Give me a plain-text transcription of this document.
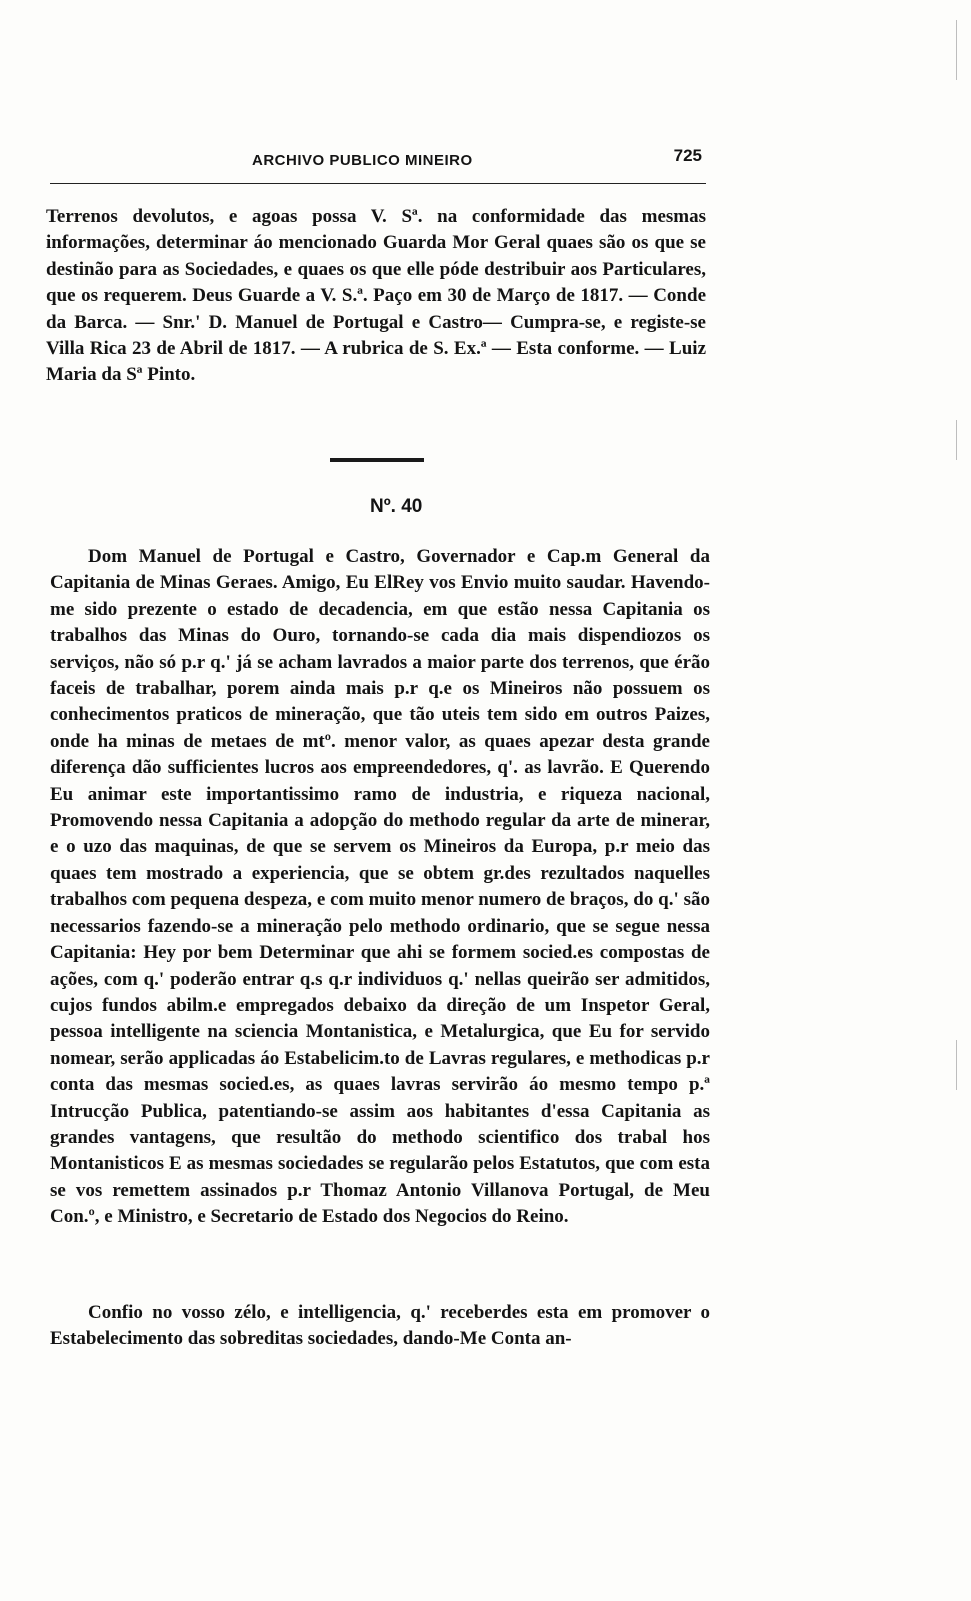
ARCHIVO PUBLICO MINEIRO	725

Terrenos devolutos, e agoas possa V. Sª. na conformidade das mesmas informações, determinar áo mencionado Guarda Mor Geral quaes são os que se destinão para as Sociedades, e quaes os que elle póde destribuir aos Particulares, que os requerem. Deus Guarde a V. S.ª. Paço em 30 de Março de 1817. — Conde da Barca. — Snr.' D. Manuel de Portugal e Castro— Cumpra-se, e registe-se Villa Rica 23 de Abril de 1817. — A rubrica de S. Ex.ª — Esta conforme. — Luiz Maria da Sª Pinto.

Nº. 40

Dom Manuel de Portugal e Castro, Governador e Cap.m General da Capitania de Minas Geraes. Amigo, Eu ElRey vos Envio muito saudar. Havendo-me sido prezente o estado de decadencia, em que estão nessa Capitania os trabalhos das Minas do Ouro, tornando-se cada dia mais dispendiozos os serviços, não só p.r q.' já se acham lavrados a maior parte dos terrenos, que érão faceis de trabalhar, porem ainda mais p.r q.e os Mineiros não possuem os conhecimentos praticos de mineração, que tão uteis tem sido em outros Paizes, onde ha minas de metaes de mtº. menor valor, as quaes apezar desta grande diferença dão sufficientes lucros aos empreendedores, q'. as lavrão. E Querendo Eu animar este importantissimo ramo de industria, e riqueza nacional, Promovendo nessa Capitania a adopção do methodo regular da arte de minerar, e o uzo das maquinas, de que se servem os Mineiros da Europa, p.r meio das quaes tem mostrado a experiencia, que se obtem gr.des rezultados naquelles trabalhos com pequena despeza, e com muito menor numero de braços, do q.' são necessarios fazendo-se a mineração pelo methodo ordinario, que se segue nessa Capitania: Hey por bem Determinar que ahi se formem socied.es compostas de ações, com q.' poderão entrar q.s q.r individuos q.' nellas queirão ser admitidos, cujos fundos abilm.e empregados debaixo da direção de um Inspetor Geral, pessoa intelligente na sciencia Montanistica, e Metalurgica, que Eu for servido nomear, serão applicadas áo Estabelicim.to de Lavras regulares, e methodicas p.r conta das mesmas socied.es, as quaes lavras servirão áo mesmo tempo p.ª Intrucção Publica, patentiando-se assim aos habitantes d'essa Capitania as grandes vantagens, que resultão do methodo scientifico dos trabal hos Montanisticos E as mesmas sociedades se regularão pelos Estatutos, que com esta se vos remettem assinados p.r Thomaz Antonio Villanova Portugal, de Meu Con.º, e Ministro, e Secretario de Estado dos Negocios do Reino.

Confio no vosso zélo, e intelligencia, q.' receberdes esta em promover o Estabelecimento das sobreditas sociedades, dando-Me Conta an-
